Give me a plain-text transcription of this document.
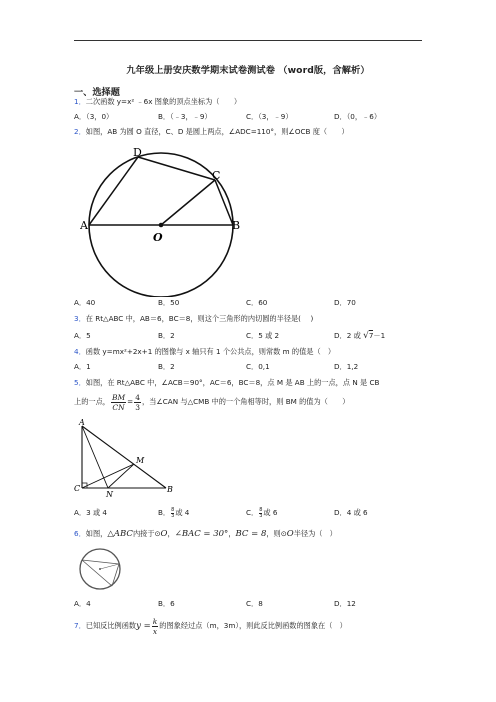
九年级上册安庆数学期末试卷测试卷 （word版，含解析）
一、选择题
1．二次函数 y=x² ﹣6x 图象的顶点坐标为（　　）
A．（3，0）	B．（﹣3，﹣9）	C．（3，﹣9）	D．（0，﹣6）
2．如图，AB 为圆 O 直径，C、D 是圆上两点，∠ADC=110°，则∠OCB 度（　　）
A	B
C
D
O
A．40	B．50	C．60	D．70
3．在 Rt△ABC 中，AB＝6，BC＝8，则这个三角形的内切圆的半径是(　 )
A．5	B．2	C．5 或 2	D．2 或 √7－1
4．函数 y=mx²+2x+1 的图像与 x 轴只有 1 个公共点，则常数 m 的值是（　）
A．1	B．2	C．0,1	D．1,2
5．如图，在 Rt△ABC 中，∠ACB＝90°，AC＝6，BC＝8，点 M 是 AB 上的一点，点 N 是 CB
上的一点， $\frac{BM}{CN} = \frac{4}{3}$ ，当∠CAN 与△CMB 中的一个角相等时，则 BM 的值为（　　）
A
M
C
N
B
A．3 或 4	B． $\frac{8}{3}$或 4	C． $\frac{8}{3}$或 6	D．4 或 6
6．如图，△ABC内接于⊙O，∠BAC = 30°，BC = 8，则⊙O半径为（　）
A．4	B．6	C．8	D．12
7．已知反比例函数$y = \frac{k}{x}$ 的图象经过点（m，3m），则此反比例函数的图象在（　）
